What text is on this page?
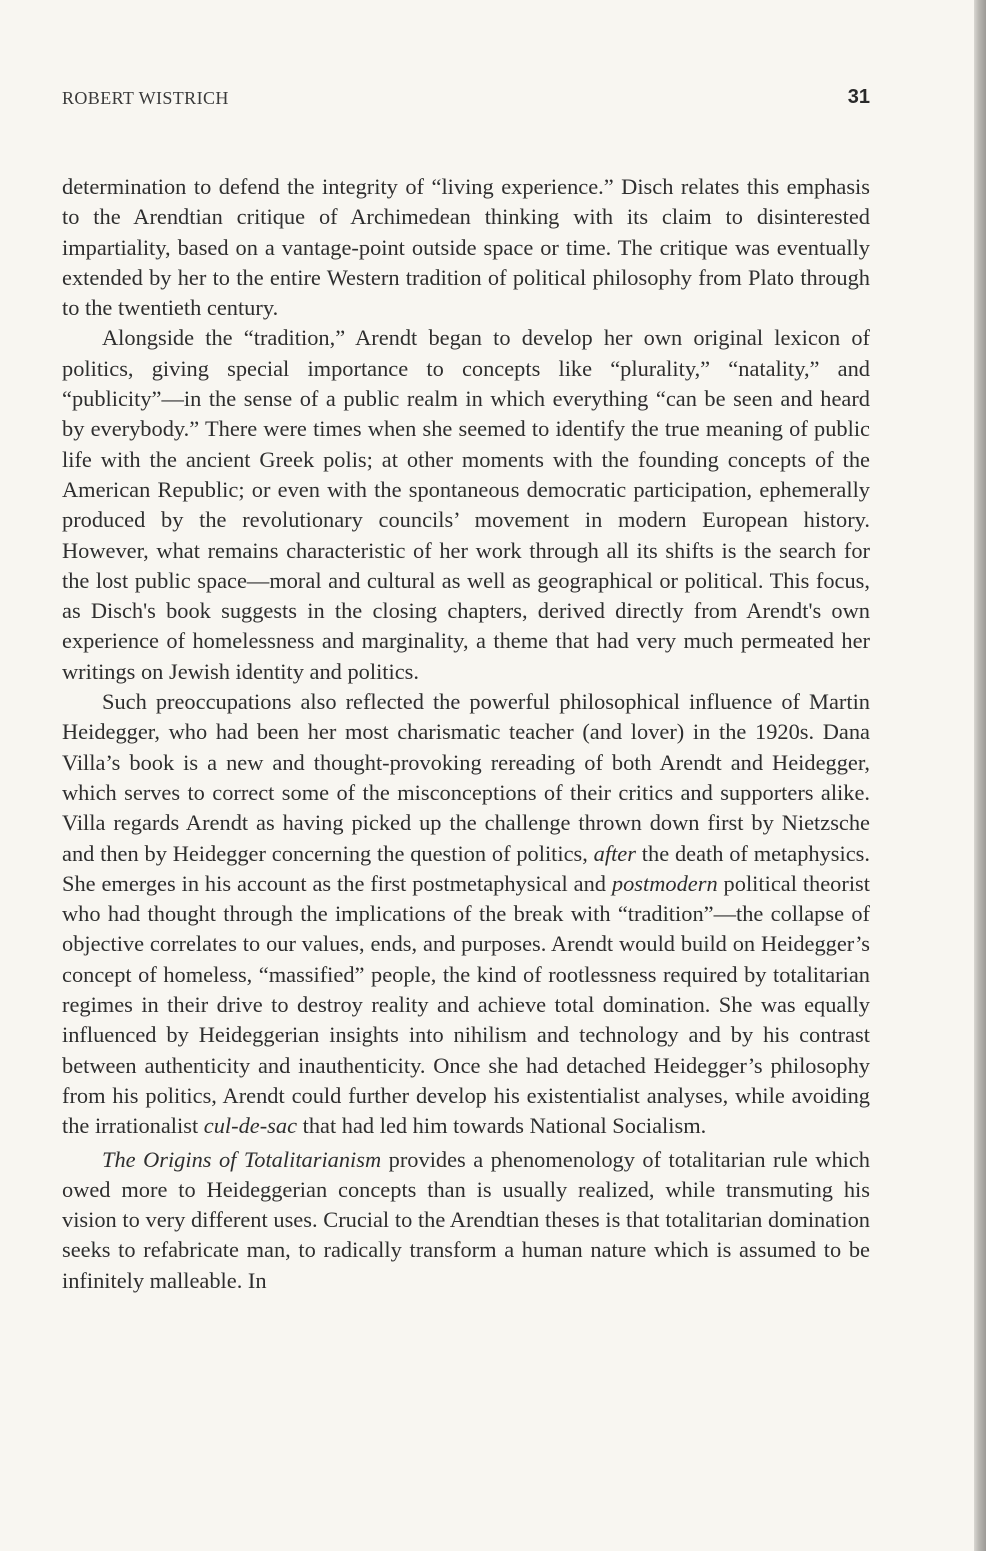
ROBERT WISTRICH	31

determination to defend the integrity of “living experience.” Disch relates this emphasis to the Arendtian critique of Archimedean thinking with its claim to disinterested impartiality, based on a vantage-point outside space or time. The critique was eventually extended by her to the entire Western tradition of political philosophy from Plato through to the twentieth century.

Alongside the “tradition,” Arendt began to develop her own original lexicon of politics, giving special importance to concepts like “plurality,” “natality,” and “publicity”—in the sense of a public realm in which everything “can be seen and heard by everybody.” There were times when she seemed to identify the true meaning of public life with the ancient Greek polis; at other moments with the founding concepts of the American Republic; or even with the spontaneous democratic participation, ephemerally produced by the revolutionary councils’ movement in modern European history. However, what remains characteristic of her work through all its shifts is the search for the lost public space—moral and cultural as well as geographical or political. This focus, as Disch's book suggests in the closing chapters, derived directly from Arendt's own experience of homelessness and marginality, a theme that had very much permeated her writings on Jewish identity and politics.

Such preoccupations also reflected the powerful philosophical influence of Martin Heidegger, who had been her most charismatic teacher (and lover) in the 1920s. Dana Villa’s book is a new and thought-provoking rereading of both Arendt and Heidegger, which serves to correct some of the misconceptions of their critics and supporters alike. Villa regards Arendt as having picked up the challenge thrown down first by Nietzsche and then by Heidegger concerning the question of politics, after the death of metaphysics. She emerges in his account as the first postmetaphysical and postmodern political theorist who had thought through the implications of the break with “tradition”—the collapse of objective correlates to our values, ends, and purposes. Arendt would build on Heidegger’s concept of homeless, “massified” people, the kind of rootlessness required by totalitarian regimes in their drive to destroy reality and achieve total domination. She was equally influenced by Heideggerian insights into nihilism and technology and by his contrast between authenticity and inauthenticity. Once she had detached Heidegger’s philosophy from his politics, Arendt could further develop his existentialist analyses, while avoiding the irrationalist cul-de-sac that had led him towards National Socialism.

The Origins of Totalitarianism provides a phenomenology of totalitarian rule which owed more to Heideggerian concepts than is usually realized, while transmuting his vision to very different uses. Crucial to the Arendtian theses is that totalitarian domination seeks to refabricate man, to radically transform a human nature which is assumed to be infinitely malleable. In
